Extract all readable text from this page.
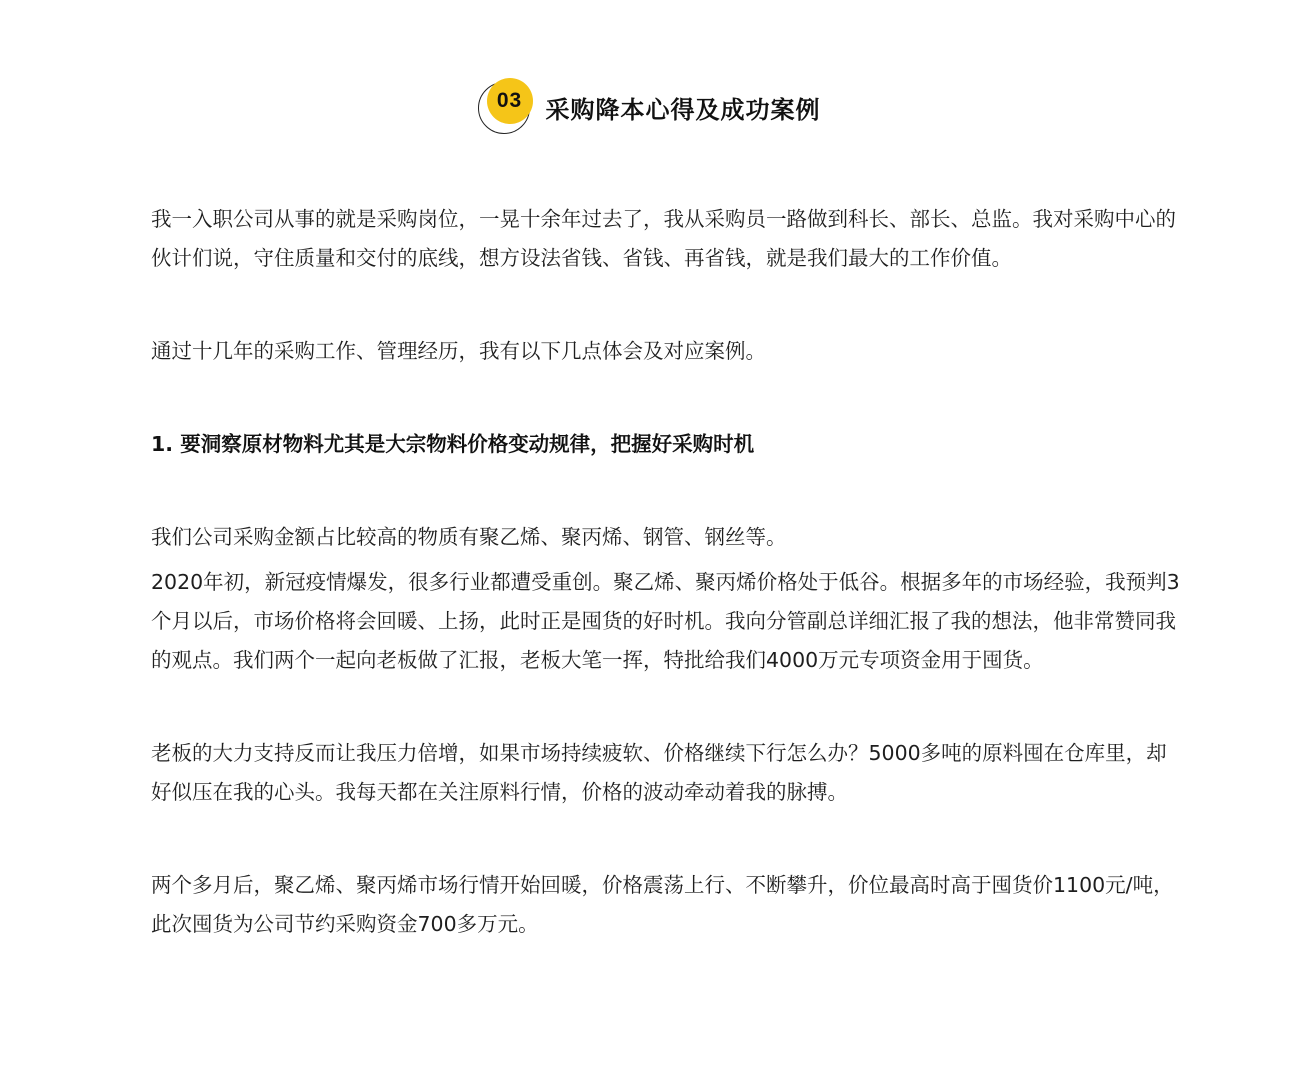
03 采购降本心得及成功案例

我一入职公司从事的就是采购岗位，一晃十余年过去了，我从采购员一路做到科长、部长、总监。我对采购中心的伙计们说，守住质量和交付的底线，想方设法省钱、省钱、再省钱，就是我们最大的工作价值。

通过十几年的采购工作、管理经历，我有以下几点体会及对应案例。

1. 要洞察原材物料尤其是大宗物料价格变动规律，把握好采购时机

我们公司采购金额占比较高的物质有聚乙烯、聚丙烯、钢管、钢丝等。

2020年初，新冠疫情爆发，很多行业都遭受重创。聚乙烯、聚丙烯价格处于低谷。根据多年的市场经验，我预判3个月以后，市场价格将会回暖、上扬，此时正是囤货的好时机。我向分管副总详细汇报了我的想法，他非常赞同我的观点。我们两个一起向老板做了汇报，老板大笔一挥，特批给我们4000万元专项资金用于囤货。

老板的大力支持反而让我压力倍增，如果市场持续疲软、价格继续下行怎么办？5000多吨的原料囤在仓库里，却好似压在我的心头。我每天都在关注原料行情，价格的波动牵动着我的脉搏。

两个多月后，聚乙烯、聚丙烯市场行情开始回暖，价格震荡上行、不断攀升，价位最高时高于囤货价1100元/吨，此次囤货为公司节约采购资金700多万元。
